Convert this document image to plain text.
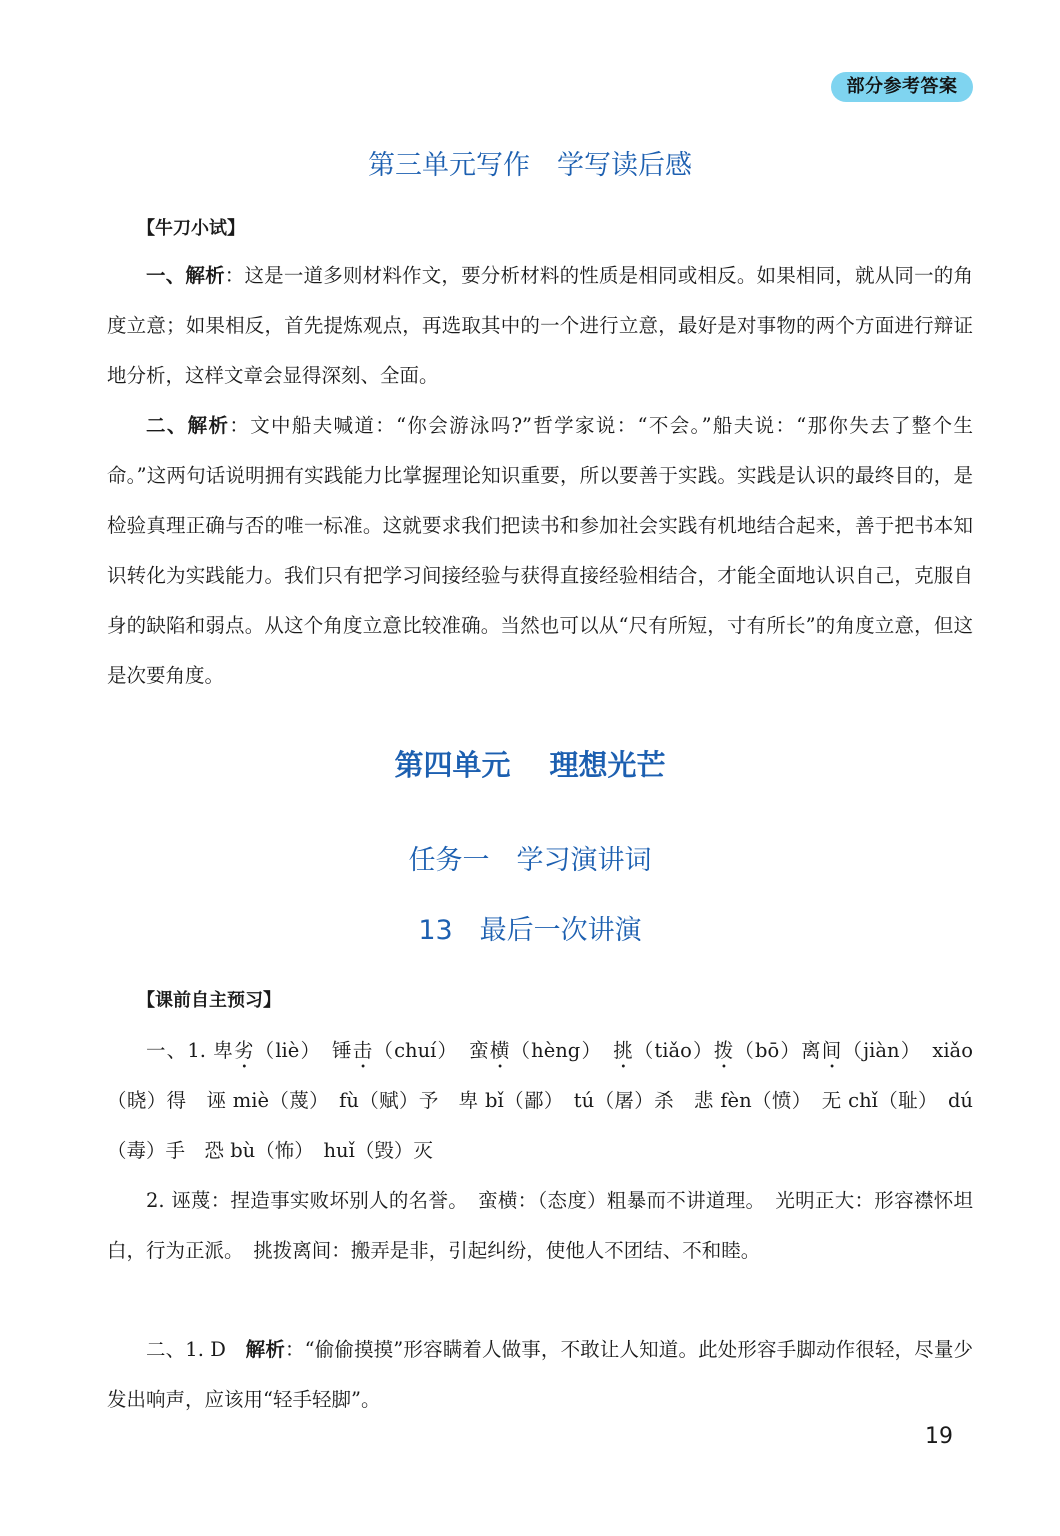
部分参考答案
第三单元写作　学写读后感
【牛刀小试】

一、解析：这是一道多则材料作文，要分析材料的性质是相同或相反。如果相同，就从同一的角度立意；如果相反，首先提炼观点，再选取其中的一个进行立意，最好是对事物的两个方面进行辩证地分析，这样文章会显得深刻、全面。

二、解析：文中船夫喊道：“你会游泳吗?”哲学家说：“不会。”船夫说：“那你失去了整个生命。”这两句话说明拥有实践能力比掌握理论知识重要，所以要善于实践。实践是认识的最终目的，是检验真理正确与否的唯一标准。这就要求我们把读书和参加社会实践有机地结合起来，善于把书本知识转化为实践能力。我们只有把学习间接经验与获得直接经验相结合，才能全面地认识自己，克服自身的缺陷和弱点。从这个角度立意比较准确。当然也可以从“尺有所短，寸有所长”的角度立意，但这是次要角度。

第四单元　 理想光芒
任务一　学习演讲词
13　最后一次讲演
【课前自主预习】

一、1. 卑劣（liè）　锤击（chuí）　蛮横（hèng）　挑（tiǎo）拨（bō）离间（jiàn）　xiǎo（晓）得　诬 miè（蔑）　fù（赋）予　卑 bǐ（鄙）　tú（屠）杀　悲 fèn（愤）　无 chǐ（耻）　dú（毒）手　恐 bù（怖）　huǐ（毁）灭

2. 诬蔑：捏造事实败坏别人的名誉。　蛮横：（态度）粗暴而不讲道理。　光明正大：形容襟怀坦白，行为正派。　挑拨离间：搬弄是非，引起纠纷，使他人不团结、不和睦。

二、1. D　解析：“偷偷摸摸”形容瞒着人做事，不敢让人知道。此处形容手脚动作很轻，尽量少发出响声，应该用“轻手轻脚”。

19
